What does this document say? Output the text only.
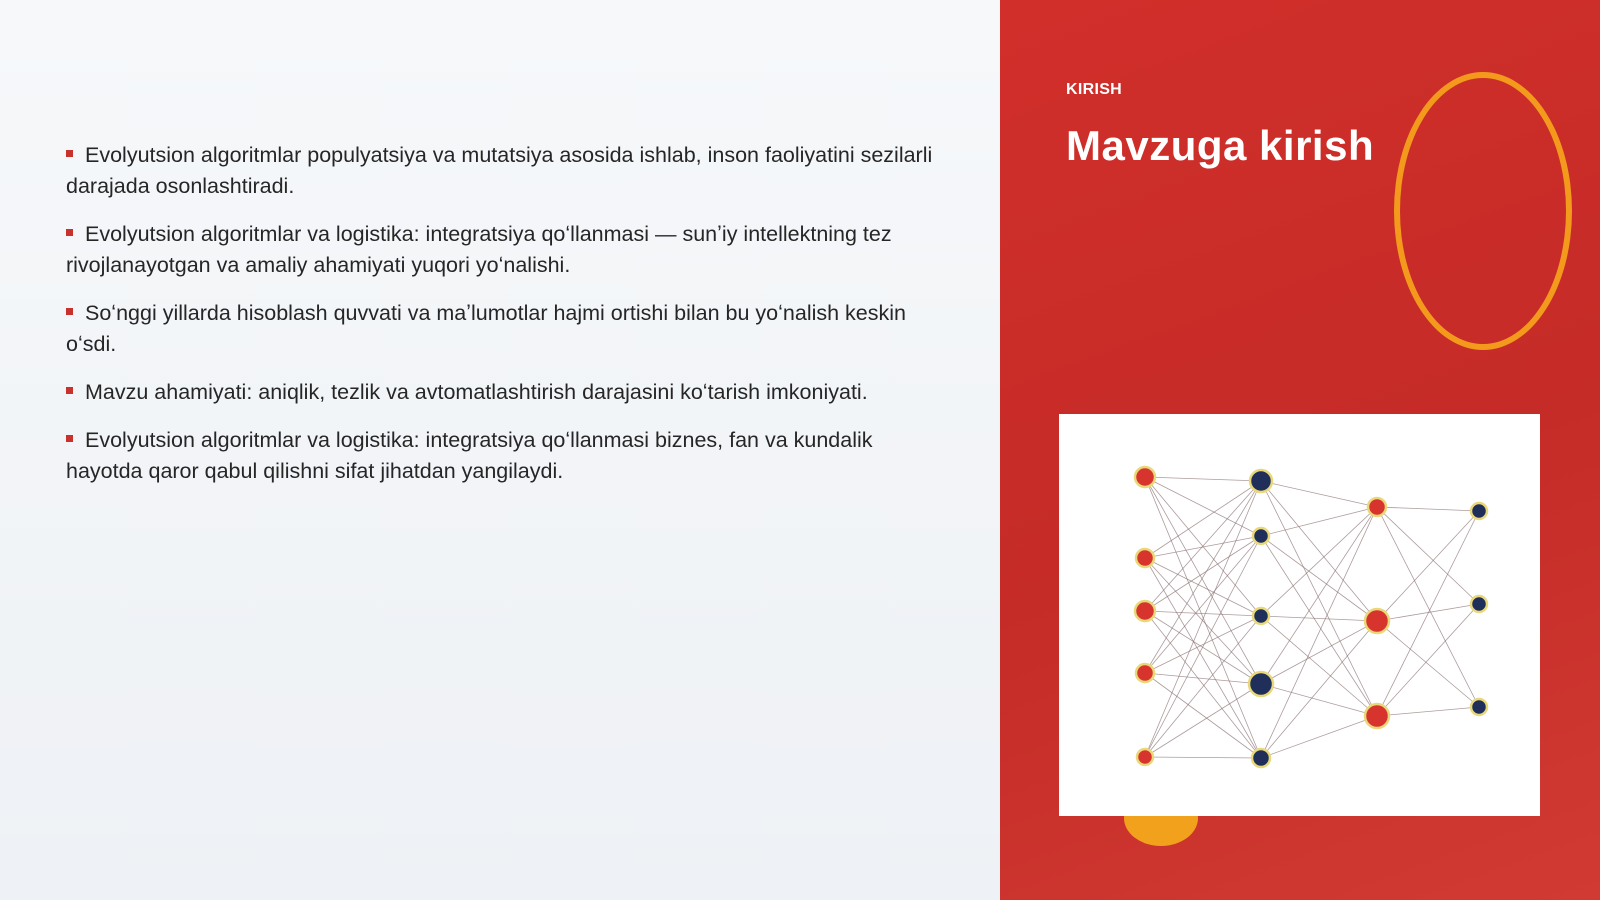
Evolyutsion algoritmlar populyatsiya va mutatsiya asosida ishlab, inson faoliyatini sezilarli darajada osonlashtiradi.
Evolyutsion algoritmlar va logistika: integratsiya qoʻllanmasi — sunʼiy intellektning tez rivojlanayotgan va amaliy ahamiyati yuqori yoʻnalishi.
Soʻnggi yillarda hisoblash quvvati va maʼlumotlar hajmi ortishi bilan bu yoʻnalish keskin oʻsdi.
Mavzu ahamiyati: aniqlik, tezlik va avtomatlashtirish darajasini koʻtarish imkoniyati.
Evolyutsion algoritmlar va logistika: integratsiya qoʻllanmasi biznes, fan va kundalik hayotda qaror qabul qilishni sifat jihatdan yangilaydi.
KIRISH
Mavzuga kirish
